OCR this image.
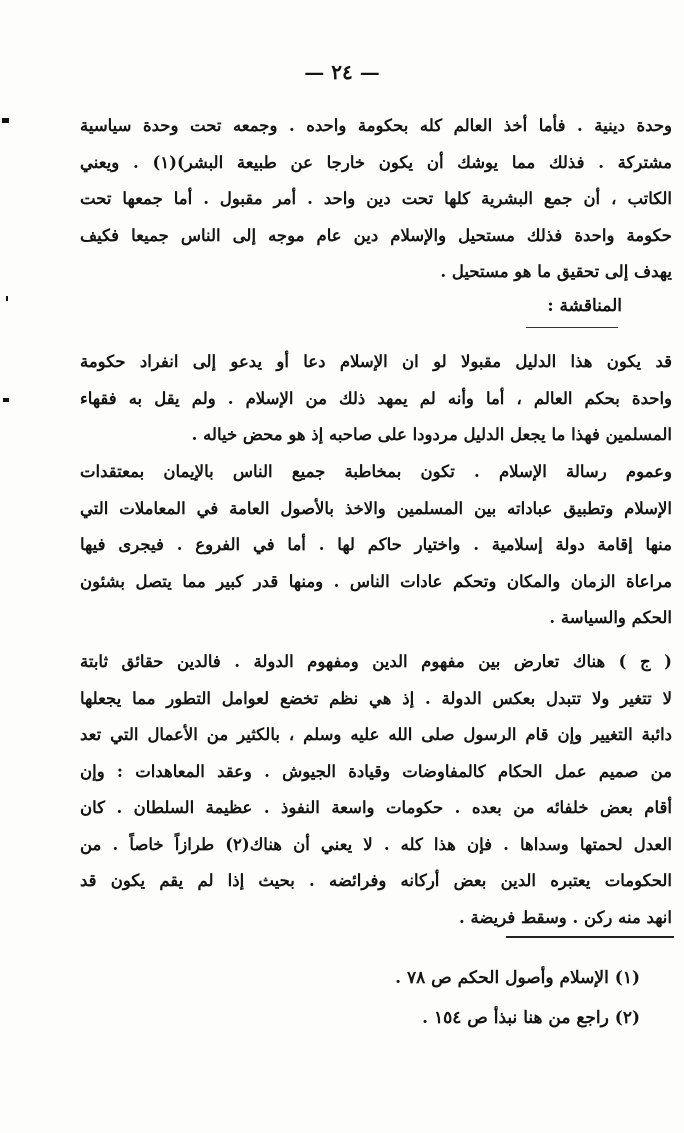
— ٢٤ —
وحدة دينية . فأما أخذ العالم كله بحكومة واحده . وجمعه تحت وحدة سياسية
مشتركة . فذلك مما يوشك أن يكون خارجا عن طبيعة البشر)(١) . ويعني
الكاتب ، أن جمع البشرية كلها تحت دين واحد . أمر مقبول . أما جمعها تحت
حكومة واحدة فذلك مستحيل والإسلام دين عام موجه إلى الناس جميعا فكيف
يهدف إلى تحقيق ما هو مستحيل .
المناقشة :
قد يكون هذا الدليل مقبولا لو ان الإسلام دعا أو يدعو إلى انفراد حكومة
واحدة بحكم العالم ، أما وأنه لم يمهد ذلك من الإسلام . ولم يقل به فقهاء
المسلمين فهذا ما يجعل الدليل مردودا على صاحبه إذ هو محض خياله .
وعموم رسالة الإسلام . تكون بمخاطبة جميع الناس بالإيمان بمعتقدات
الإسلام وتطبيق عباداته بين المسلمين والاخذ بالأصول العامة في المعاملات التي
منها إقامة دولة إسلامية . واختيار حاكم لها . أما في الفروع . فيجرى فيها
مراعاة الزمان والمكان وتحكم عادات الناس . ومنها قدر كبير مما يتصل بشئون
الحكم والسياسة .
( ج ) هناك تعارض بين مفهوم الدين ومفهوم الدولة . فالدين حقائق ثابتة
لا تتغير ولا تتبدل بعكس الدولة . إذ هي نظم تخضع لعوامل التطور مما يجعلها
دائبة التغيير وإن قام الرسول صلى الله عليه وسلم ، بالكثير من الأعمال التي تعد
من صميم عمل الحكام كالمفاوضات وقيادة الجيوش . وعقد المعاهدات : وإن
أقام بعض خلفائه من بعده . حكومات واسعة النفوذ . عظيمة السلطان . كان
العدل لحمتها وسداها . فإن هذا كله . لا يعني أن هناك(٢) طرازاً خاصاً . من
الحكومات يعتبره الدين بعض أركانه وفرائضه . بحيث إذا لم يقم يكون قد
انهد منه ركن . وسقط فريضة .
(١) الإسلام وأصول الحكم ص ٧٨ .
(٢) راجع من هنا نبذأ ص ١٥٤ .
